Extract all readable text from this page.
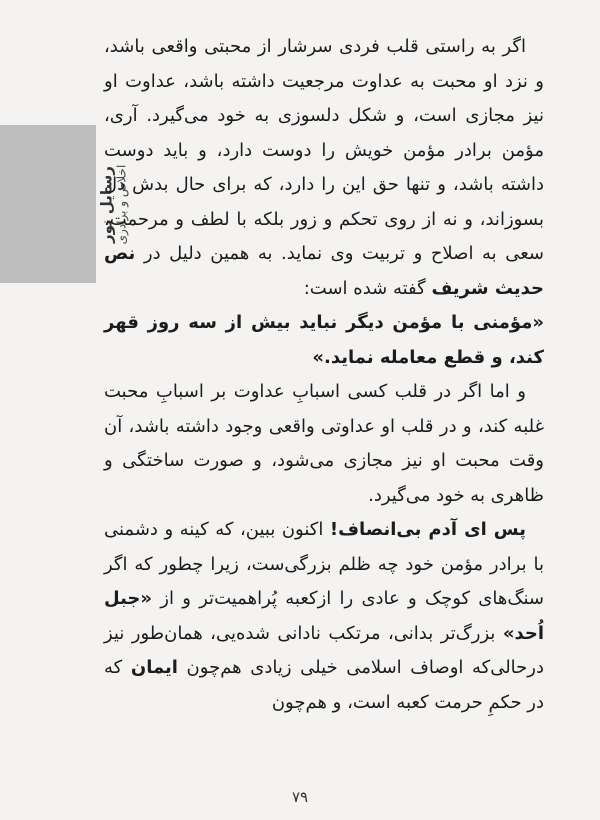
رسایل نور اخلاص و برادری

اگر به راستی قلب فردی سرشار از محبتی واقعی باشد، و نزد او محبت به عداوت مرجعیت داشته باشد، عداوت او نیز مجازی است، و شکل دلسوزی به خود می‌گیرد. آری، مؤمن برادر مؤمن خویش را دوست دارد، و باید دوست داشته باشد، و تنها حق این را دارد، که برای حال بدش دل بسوزاند، و نه از روی تحکم و زور بلکه با لطف و مرحمت، سعی به اصلاح و تربیت وی نماید. به همین دلیل در نص حدیث شریف گفته شده است:

«مؤمنی با مؤمن دیگر نباید بیش از سه روز قهر کند، و قطع معامله نماید.»

و اما اگر در قلب کسی اسبابِ عداوت بر اسبابِ محبت غلبه کند، و در قلب او عداوتی واقعی وجود داشته باشد، آن وقت محبت او نیز مجازی می‌شود، و صورت ساختگی و ظاهری به خود می‌گیرد.

پس ای آدم بی‌انصاف! اکنون ببین، که کینه و دشمنی با برادر مؤمن خود چه ظلم بزرگی‌ست، زیرا چطور که اگر سنگ‌های کوچک و عادی را ازکعبه پُراهمیت‌تر و از «جبل اُحد» بزرگ‌تر بدانی، مرتکب نادانی شده‌یی، همان‌طور نیز درحالی‌که اوصاف اسلامی خیلی زیادی هم‌چون ایمان که در حکمِ حرمت کعبه است، و هم‌چون

۷۹
